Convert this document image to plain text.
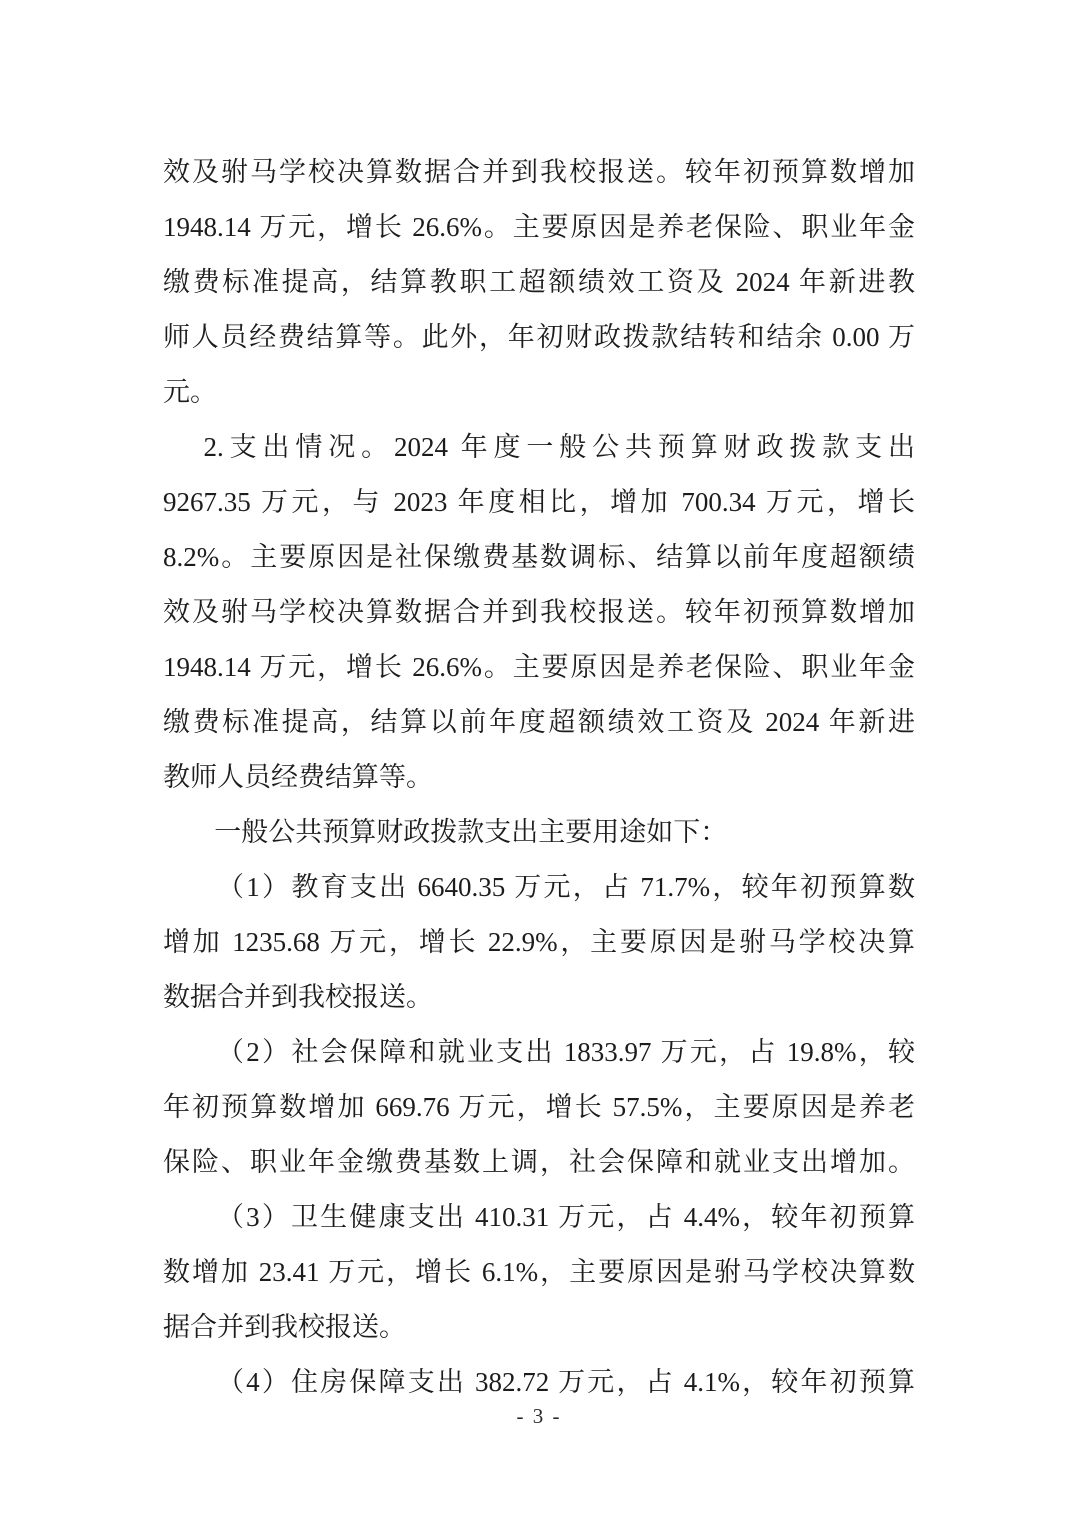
效及驸马学校决算数据合并到我校报送。较年初预算数增加
1948.14 万元，增长 26.6%。主要原因是养老保险、职业年金
缴费标准提高，结算教职工超额绩效工资及 2024 年新进教
师人员经费结算等。此外，年初财政拨款结转和结余 0.00 万
元。
2.支出情况。2024 年度一般公共预算财政拨款支出
9267.35 万元，与 2023 年度相比，增加 700.34 万元，增长
8.2%。主要原因是社保缴费基数调标、结算以前年度超额绩
效及驸马学校决算数据合并到我校报送。较年初预算数增加
1948.14 万元，增长 26.6%。主要原因是养老保险、职业年金
缴费标准提高，结算以前年度超额绩效工资及 2024 年新进
教师人员经费结算等。
一般公共预算财政拨款支出主要用途如下：
（1）教育支出 6640.35 万元，占 71.7%，较年初预算数
增加 1235.68 万元，增长 22.9%，主要原因是驸马学校决算
数据合并到我校报送。
（2）社会保障和就业支出 1833.97 万元，占 19.8%，较
年初预算数增加 669.76 万元，增长 57.5%，主要原因是养老
保险、职业年金缴费基数上调，社会保障和就业支出增加。
（3）卫生健康支出 410.31 万元，占 4.4%，较年初预算
数增加 23.41 万元，增长 6.1%，主要原因是驸马学校决算数
据合并到我校报送。
（4）住房保障支出 382.72 万元，占 4.1%，较年初预算
- 3 -
